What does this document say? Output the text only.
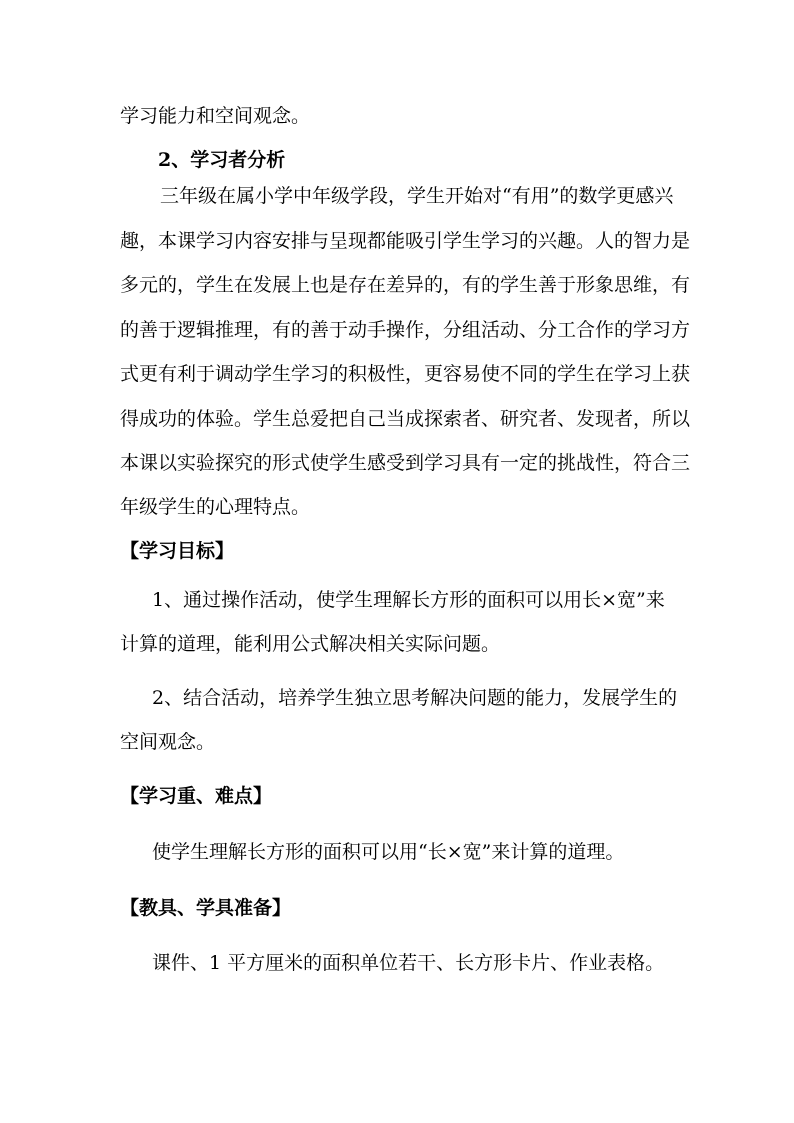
学习能力和空间观念。
2、学习者分析
三年级在属小学中年级学段，学生开始对“有用”的数学更感兴
趣，本课学习内容安排与呈现都能吸引学生学习的兴趣。人的智力是
多元的，学生在发展上也是存在差异的，有的学生善于形象思维，有
的善于逻辑推理，有的善于动手操作，分组活动、分工合作的学习方
式更有利于调动学生学习的积极性，更容易使不同的学生在学习上获
得成功的体验。学生总爱把自己当成探索者、研究者、发现者，所以
本课以实验探究的形式使学生感受到学习具有一定的挑战性，符合三
年级学生的心理特点。
【学习目标】
1、通过操作活动，使学生理解长方形的面积可以用长×宽”来
计算的道理，能利用公式解决相关实际问题。
2、结合活动，培养学生独立思考解决问题的能力，发展学生的
空间观念。
【学习重、难点】
使学生理解长方形的面积可以用“长×宽”来计算的道理。
【教具、学具准备】
课件、1 平方厘米的面积单位若干、长方形卡片、作业表格。
